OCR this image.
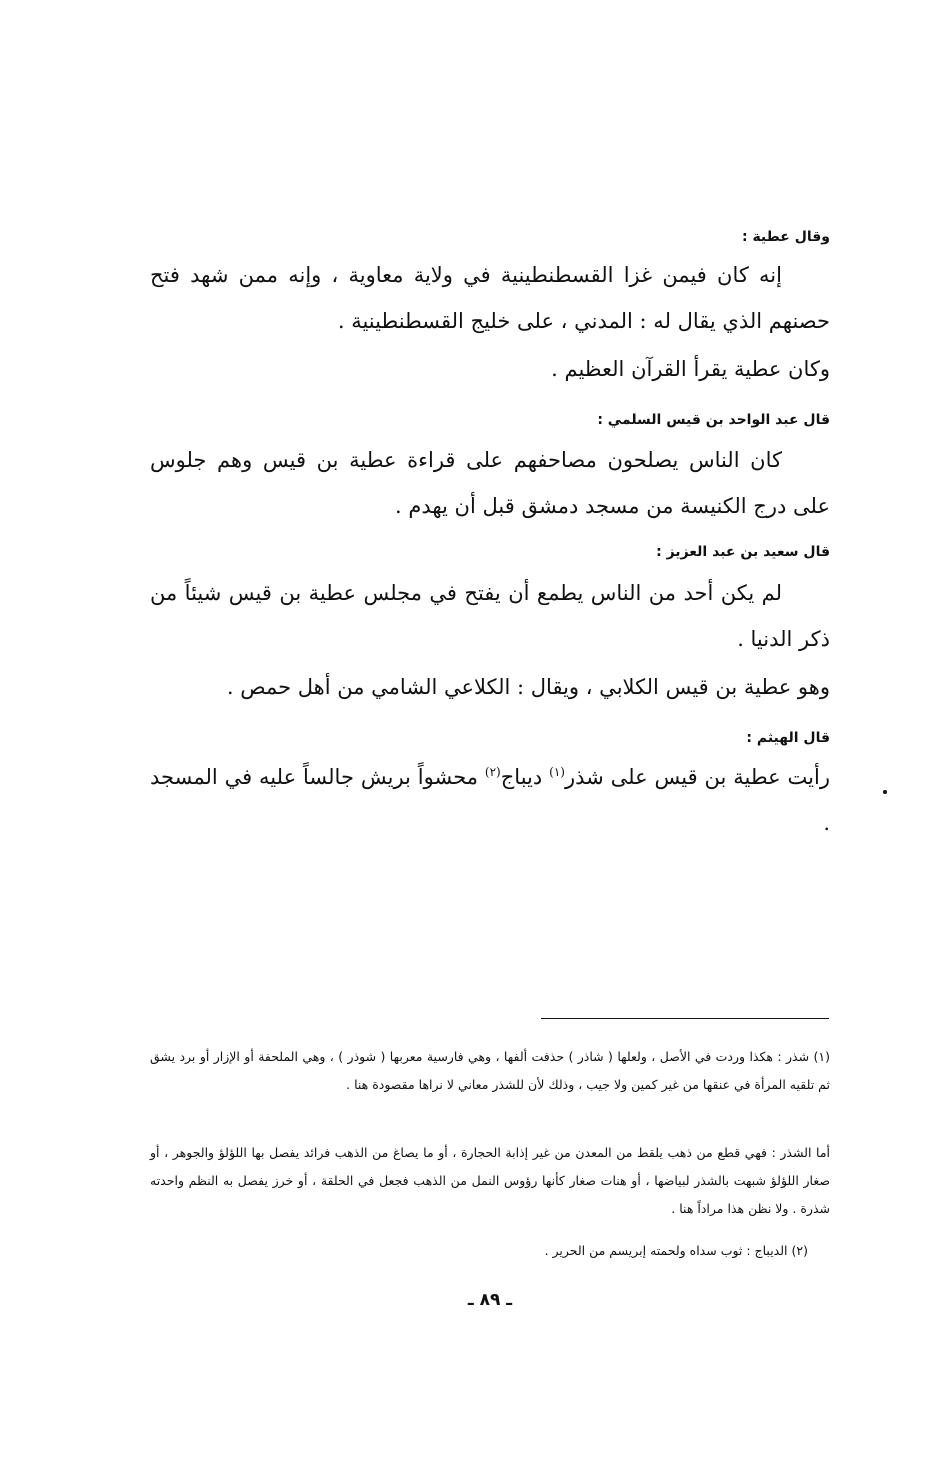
وقال عطية :
إنه كان فيمن غزا القسطنطينية في ولاية معاوية ، وإنه ممن شهد فتح حصنهم الذي يقال له : المدني ، على خليج القسطنطينية .
وكان عطية يقرأ القرآن العظيم .
قال عبد الواحد بن قيس السلمي :
كان الناس يصلحون مصاحفهم على قراءة عطية بن قيس وهم جلوس على درج الكنيسة من مسجد دمشق قبل أن يهدم .
قال سعيد بن عبد العزيز :
لم يكن أحد من الناس يطمع أن يفتح في مجلس عطية بن قيس شيئاً من ذكر الدنيا .
وهو عطية بن قيس الكلابي ، ويقال : الكلاعي الشامي من أهل حمص .
قال الهيثم :
رأيت عطية بن قيس على شذر$^{(١)}$ ديباج$^{(٢)}$ محشواً بريش جالساً عليه في المسجد .
(١) شذر : هكذا وردت في الأصل ، ولعلها ( شاذر ) حذفت ألفها ، وهي فارسية معربها ( شوذر ) ، وهي الملحفة أو الإزار أو برد يشق ثم تلقيه المرأة في عنقها من غير كمين ولا جيب ، وذلك لأن للشذر معاني لا نراها مقصودة هنا .
أما الشذر : فهي قطع من ذهب يلقط من المعدن من غير إذابة الحجارة ، أو ما يصاغ من الذهب فرائد يفصل بها اللؤلؤ والجوهر ، أو صغار اللؤلؤ شبهت بالشذر لبياضها ، أو هنات صغار كأنها رؤوس النمل من الذهب فجعل في الحلقة ، أو خرز يفصل به النظم واحدته شذرة . ولا نظن هذا مراداً هنا .
(٢) الديباج : ثوب سداه ولحمته إبريسم من الحرير .
ـ ٨٩ ـ
